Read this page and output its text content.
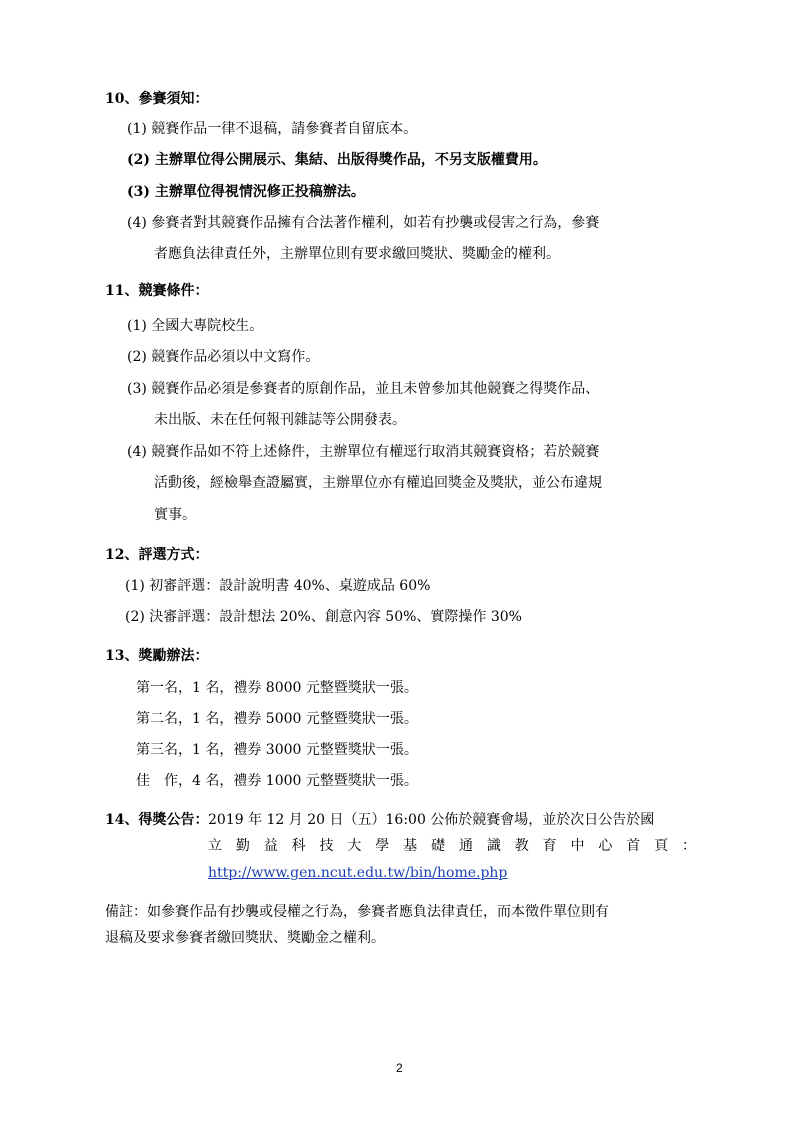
10、參賽須知：
(1) 競賽作品一律不退稿，請參賽者自留底本。
(2) 主辦單位得公開展示、集結、出版得獎作品，不另支版權費用。
(3) 主辦單位得視情況修正投稿辦法。
(4) 參賽者對其競賽作品擁有合法著作權利，如若有抄襲或侵害之行為，參賽
者應負法律責任外，主辦單位則有要求繳回獎狀、獎勵金的權利。
11、競賽條件：
(1) 全國大專院校生。
(2) 競賽作品必須以中文寫作。
(3) 競賽作品必須是參賽者的原創作品，並且未曾參加其他競賽之得獎作品、
未出版、未在任何報刊雜誌等公開發表。
(4) 競賽作品如不符上述條件，主辦單位有權逕行取消其競賽資格；若於競賽
活動後，經檢舉查證屬實，主辦單位亦有權追回獎金及獎狀，並公布違規
實事。
12、評選方式：
(1) 初審評選：設計說明書 40%、桌遊成品 60%
(2) 決審評選：設計想法 20%、創意內容 50%、實際操作 30%
13、獎勵辦法：
第一名，1 名，禮券 8000 元整暨獎狀一張。
第二名，1 名，禮券 5000 元整暨獎狀一張。
第三名，1 名，禮券 3000 元整暨獎狀一張。
佳　作，4 名，禮券 1000 元整暨獎狀一張。
14、得獎公告： 2019 年 12 月 20 日（五）16:00 公佈於競賽會場，並於次日公告於國
立勤益科技大學基礎通識教育中心首頁：
http://www.gen.ncut.edu.tw/bin/home.php
備註：如參賽作品有抄襲或侵權之行為，參賽者應負法律責任，而本徵件單位則有
退稿及要求參賽者繳回獎狀、獎勵金之權利。
2
